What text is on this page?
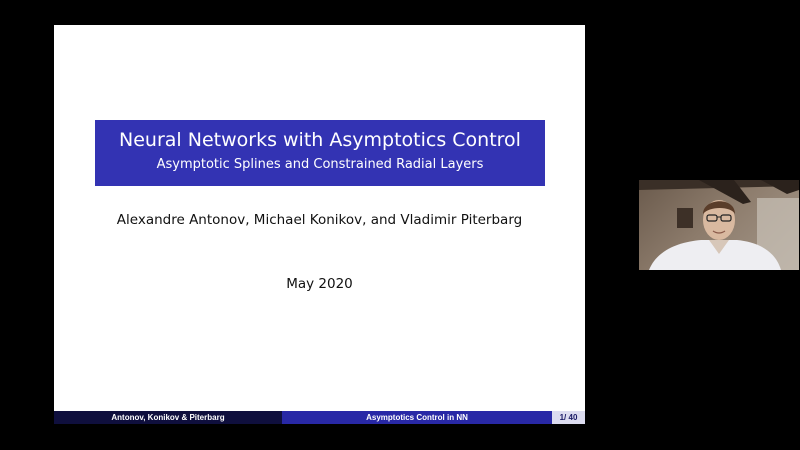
Neural Networks with Asymptotics Control
Asymptotic Splines and Constrained Radial Layers
Alexandre Antonov, Michael Konikov, and Vladimir Piterbarg
May 2020
Antonov, Konikov & Piterbarg	Asymptotics Control in NN	1/ 40
